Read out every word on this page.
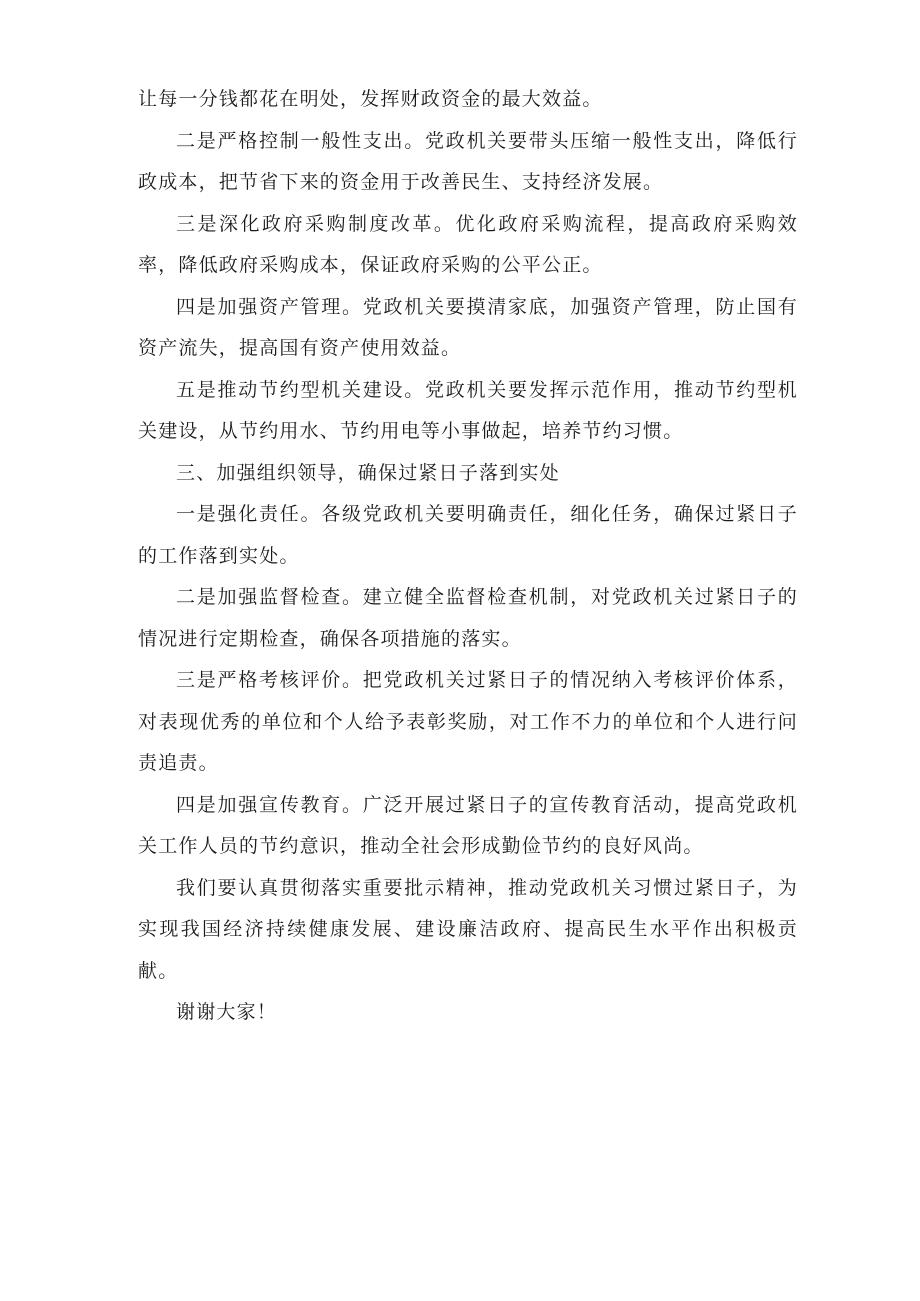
让每一分钱都花在明处，发挥财政资金的最大效益。

二是严格控制一般性支出。党政机关要带头压缩一般性支出，降低行政成本，把节省下来的资金用于改善民生、支持经济发展。

三是深化政府采购制度改革。优化政府采购流程，提高政府采购效率，降低政府采购成本，保证政府采购的公平公正。

四是加强资产管理。党政机关要摸清家底，加强资产管理，防止国有资产流失，提高国有资产使用效益。

五是推动节约型机关建设。党政机关要发挥示范作用，推动节约型机关建设，从节约用水、节约用电等小事做起，培养节约习惯。

三、加强组织领导，确保过紧日子落到实处

一是强化责任。各级党政机关要明确责任，细化任务，确保过紧日子的工作落到实处。

二是加强监督检查。建立健全监督检查机制，对党政机关过紧日子的情况进行定期检查，确保各项措施的落实。

三是严格考核评价。把党政机关过紧日子的情况纳入考核评价体系，对表现优秀的单位和个人给予表彰奖励，对工作不力的单位和个人进行问责追责。

四是加强宣传教育。广泛开展过紧日子的宣传教育活动，提高党政机关工作人员的节约意识，推动全社会形成勤俭节约的良好风尚。

我们要认真贯彻落实重要批示精神，推动党政机关习惯过紧日子，为实现我国经济持续健康发展、建设廉洁政府、提高民生水平作出积极贡献。

谢谢大家！
